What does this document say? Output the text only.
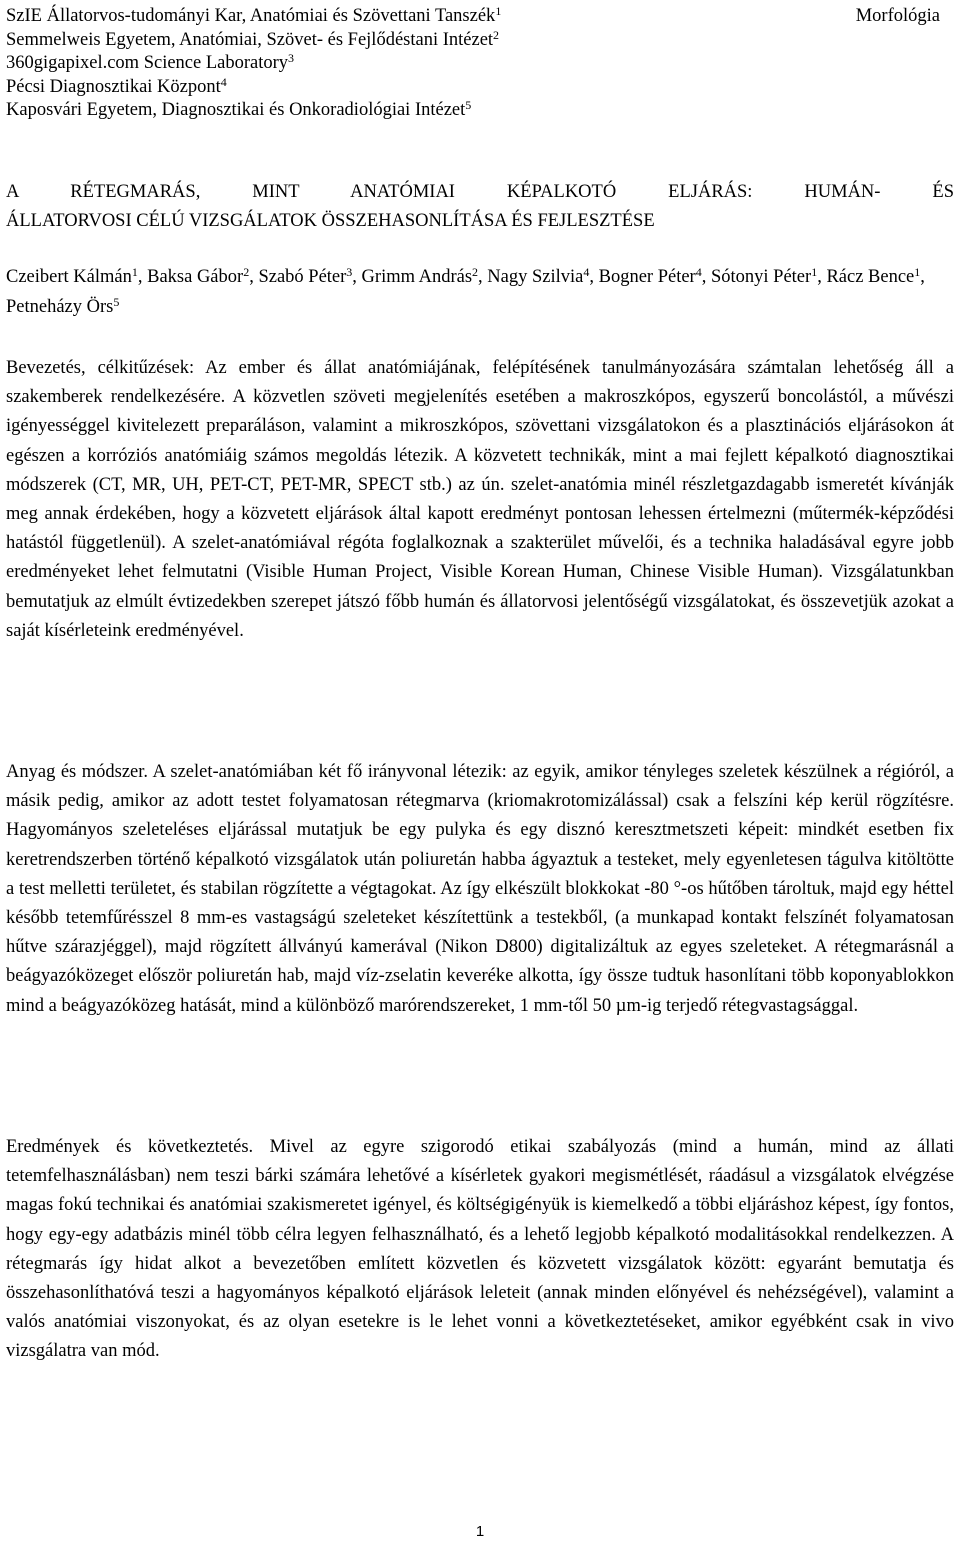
SzIE Állatorvos-tudományi Kar, Anatómiai és Szövettani Tanszék$^1$
Semmelweis Egyetem, Anatómiai, Szövet- és Fejlődéstani Intézet$^2$
360gigapixel.com Science Laboratory$^3$
Pécsi Diagnosztikai Központ$^4$
Kaposvári Egyetem, Diagnosztikai és Onkoradiológiai Intézet$^5$
Morfológia
A RÉTEGMARÁS, MINT ANATÓMIAI KÉPALKOTÓ ELJÁRÁS: HUMÁN- ÉS
ÁLLATORVOSI CÉLÚ VIZSGÁLATOK ÖSSZEHASONLÍTÁSA ÉS FEJLESZTÉSE
Czeibert Kálmán$^1$, Baksa Gábor$^2$, Szabó Péter$^3$, Grimm András$^2$, Nagy Szilvia$^4$, Bogner Péter$^4$, Sótonyi Péter$^1$, Rácz Bence$^1$, Petneházy Örs$^5$
Bevezetés, célkitűzések: Az ember és állat anatómiájának, felépítésének tanulmányozására számtalan lehetőség áll a szakemberek rendelkezésére. A közvetlen szöveti megjelenítés esetében a makroszkópos, egyszerű boncolástól, a művészi igényességgel kivitelezett preparáláson, valamint a mikroszkópos, szövettani vizsgálatokon és a plasztinációs eljárásokon át egészen a korróziós anatómiáig számos megoldás létezik. A közvetett technikák, mint a mai fejlett képalkotó diagnosztikai módszerek (CT, MR, UH, PET-CT, PET-MR, SPECT stb.) az ún. szelet-anatómia minél részletgazdagabb ismeretét kívánják meg annak érdekében, hogy a közvetett eljárások által kapott eredményt pontosan lehessen értelmezni (műtermék-képződési hatástól függetlenül). A szelet-anatómiával régóta foglalkoznak a szakterület művelői, és a technika haladásával egyre jobb eredményeket lehet felmutatni (Visible Human Project, Visible Korean Human, Chinese Visible Human). Vizsgálatunkban bemutatjuk az elmúlt évtizedekben szerepet játszó főbb humán és állatorvosi jelentőségű vizsgálatokat, és összevetjük azokat a saját kísérleteink eredményével.
Anyag és módszer. A szelet-anatómiában két fő irányvonal létezik: az egyik, amikor tényleges szeletek készülnek a régióról, a másik pedig, amikor az adott testet folyamatosan rétegmarva (kriomakrotomizálással) csak a felszíni kép kerül rögzítésre. Hagyományos szeleteléses eljárással mutatjuk be egy pulyka és egy disznó keresztmetszeti képeit: mindkét esetben fix keretrendszerben történő képalkotó vizsgálatok után poliuretán habba ágyaztuk a testeket, mely egyenletesen tágulva kitöltötte a test melletti területet, és stabilan rögzítette a végtagokat. Az így elkészült blokkokat -80 °-os hűtőben tároltuk, majd egy héttel később tetemfűrésszel 8 mm-es vastagságú szeleteket készítettünk a testekből, (a munkapad kontakt felszínét folyamatosan hűtve szárazjéggel), majd rögzített állványú kamerával (Nikon D800) digitalizáltuk az egyes szeleteket. A rétegmarásnál a beágyazóközeget először poliuretán hab, majd víz-zselatin keveréke alkotta, így össze tudtuk hasonlítani több koponyablokkon mind a beágyazóközeg hatását, mind a különböző marórendszereket, 1 mm-től 50 µm-ig terjedő rétegvastagsággal.
Eredmények és következtetés. Mivel az egyre szigorodó etikai szabályozás (mind a humán, mind az állati tetemfelhasználásban) nem teszi bárki számára lehetővé a kísérletek gyakori megismétlését, ráadásul a vizsgálatok elvégzése magas fokú technikai és anatómiai szakismeretet igényel, és költségigényük is kiemelkedő a többi eljáráshoz képest, így fontos, hogy egy-egy adatbázis minél több célra legyen felhasználható, és a lehető legjobb képalkotó modalitásokkal rendelkezzen. A rétegmarás így hidat alkot a bevezetőben említett közvetlen és közvetett vizsgálatok között: egyaránt bemutatja és összehasonlíthatóvá teszi a hagyományos képalkotó eljárások leleteit (annak minden előnyével és nehézségével), valamint a valós anatómiai viszonyokat, és az olyan esetekre is le lehet vonni a következtetéseket, amikor egyébként csak in vivo vizsgálatra van mód.
1
